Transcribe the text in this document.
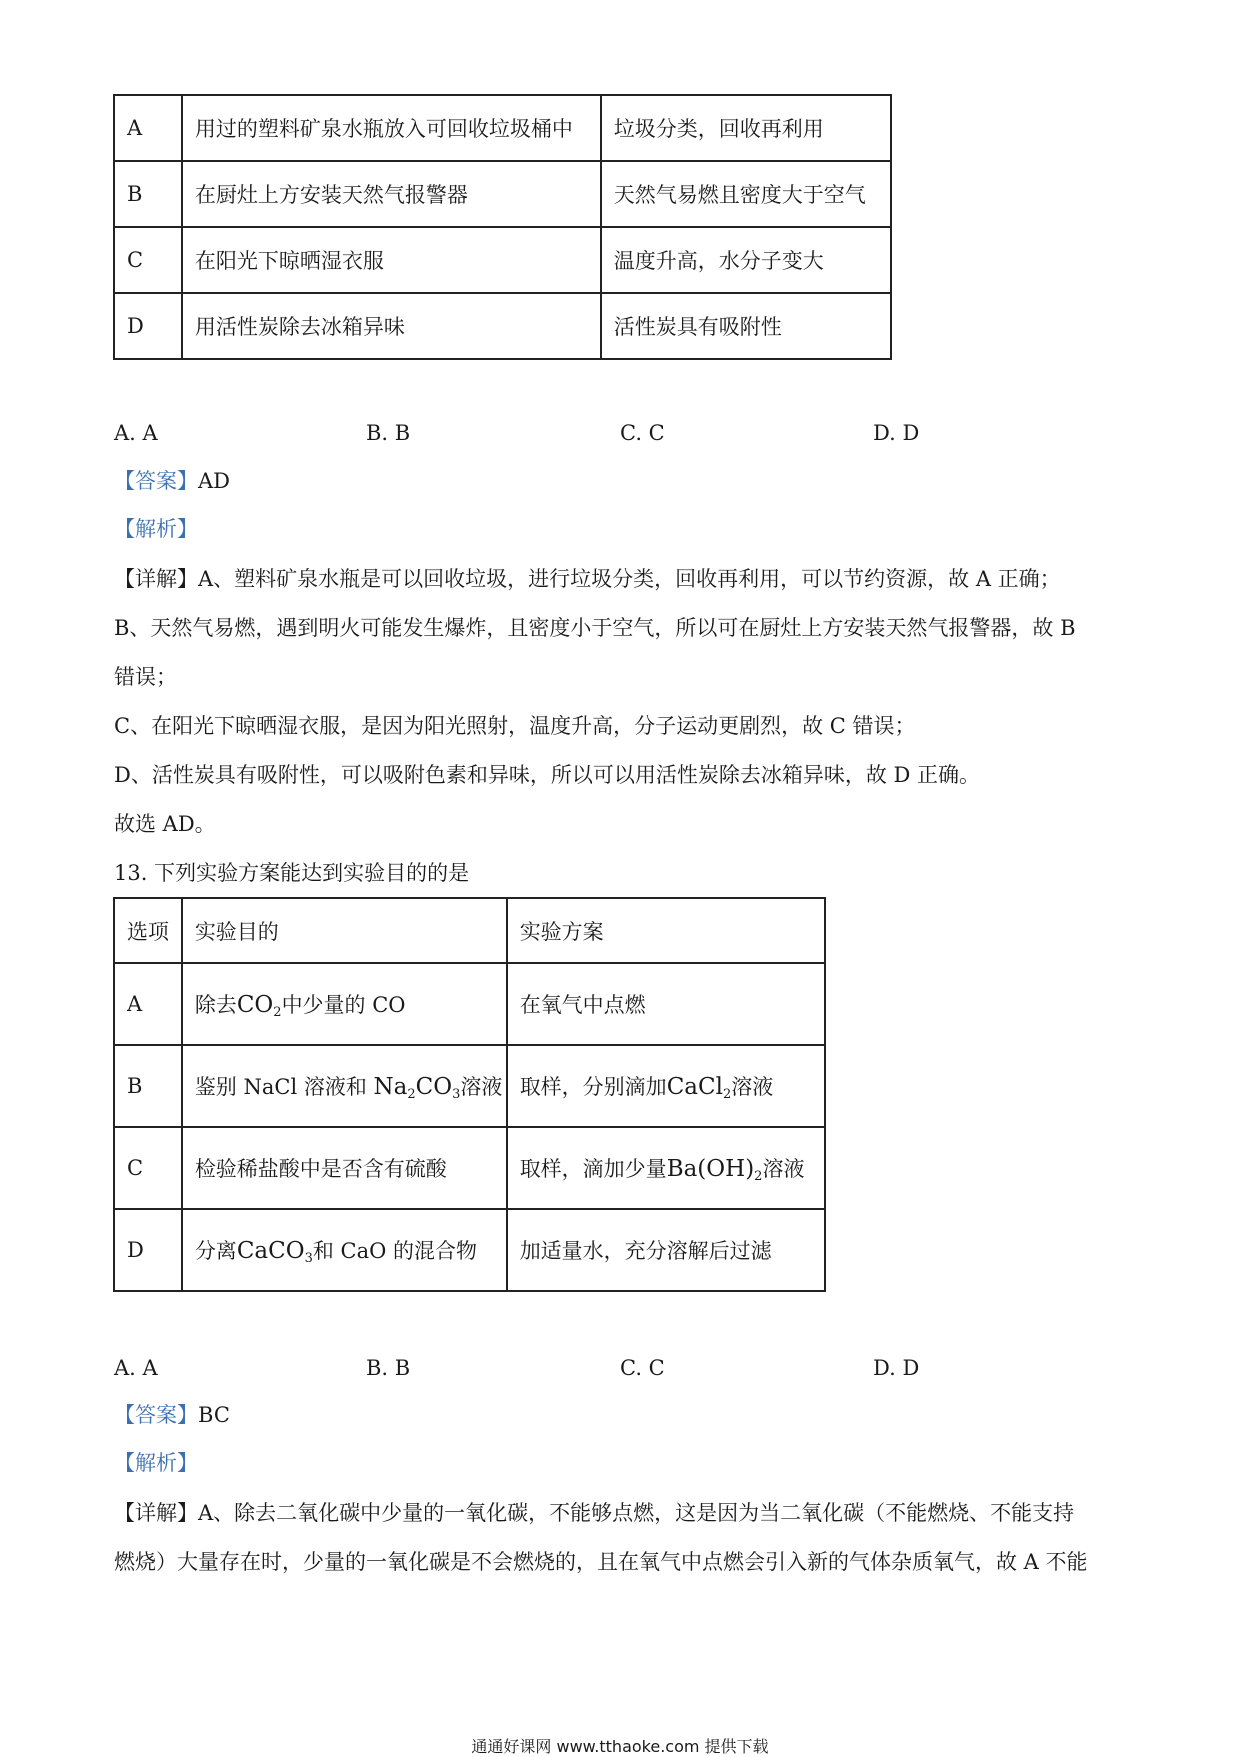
A	用过的塑料矿泉水瓶放入可回收垃圾桶中	垃圾分类，回收再利用
B	在厨灶上方安装天然气报警器	天然气易燃且密度大于空气
C	在阳光下晾晒湿衣服	温度升高，水分子变大
D	用活性炭除去冰箱异味	活性炭具有吸附性
A. A	B. B	C. C	D. D
【答案】AD
【解析】
【详解】A、塑料矿泉水瓶是可以回收垃圾，进行垃圾分类，回收再利用，可以节约资源，故 A 正确；
B、天然气易燃，遇到明火可能发生爆炸，且密度小于空气，所以可在厨灶上方安装天然气报警器，故 B
错误；
C、在阳光下晾晒湿衣服，是因为阳光照射，温度升高，分子运动更剧烈，故 C 错误；
D、活性炭具有吸附性，可以吸附色素和异味，所以可以用活性炭除去冰箱异味，故 D 正确。
故选 AD。
13. 下列实验方案能达到实验目的的是
选项	实验目的	实验方案
A	除去$CO_2$中少量的 CO	在氧气中点燃
B	鉴别 NaCl 溶液和 $Na_2CO_3$溶液	取样，分别滴加CaCl$_2$溶液
C	检验稀盐酸中是否含有硫酸	取样，滴加少量$Ba(OH)_2$溶液
D	分离CaCO$_3$和 CaO 的混合物	加适量水，充分溶解后过滤
A. A	B. B	C. C	D. D
【答案】BC
【解析】
【详解】A、除去二氧化碳中少量的一氧化碳，不能够点燃，这是因为当二氧化碳（不能燃烧、不能支持
燃烧）大量存在时，少量的一氧化碳是不会燃烧的，且在氧气中点燃会引入新的气体杂质氧气，故 A 不能
通通好课网 www.tthaoke.com 提供下载
